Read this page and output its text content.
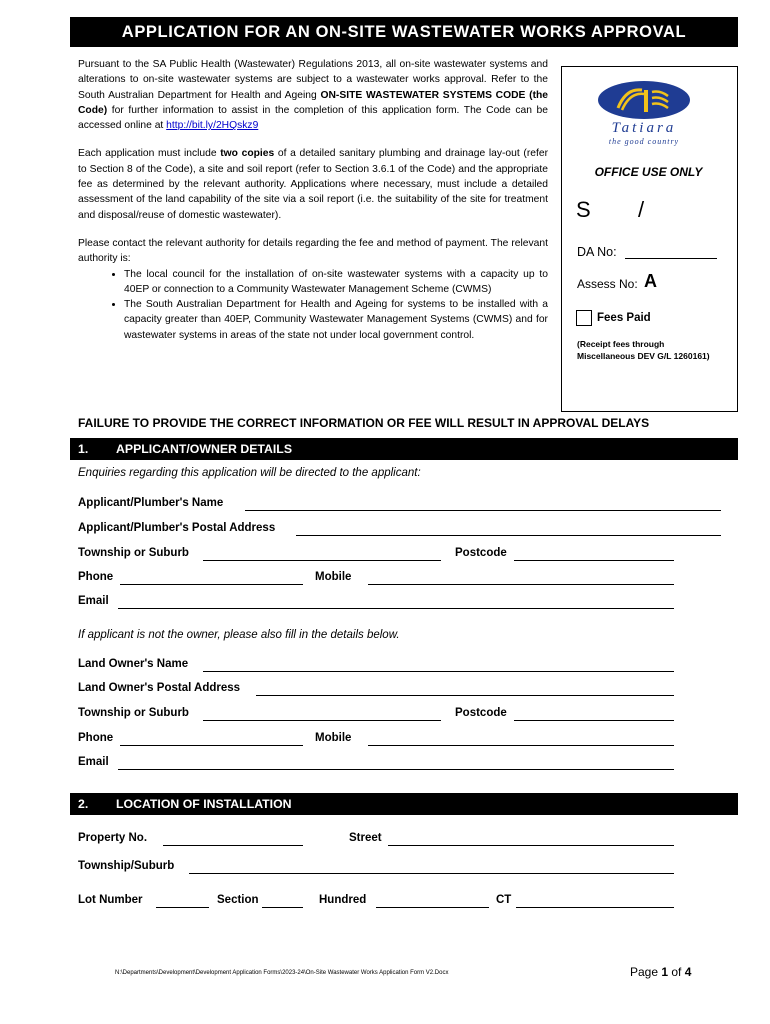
APPLICATION FOR AN ON-SITE WASTEWATER WORKS APPROVAL

Pursuant to the SA Public Health (Wastewater) Regulations 2013, all on-site wastewater systems and alterations to on-site wastewater systems are subject to a wastewater works approval. Refer to the South Australian Department for Health and Ageing ON-SITE WASTEWATER SYSTEMS CODE (the Code) for further information to assist in the completion of this application form. The Code can be accessed online at http://bit.ly/2HQskz9

Each application must include two copies of a detailed sanitary plumbing and drainage lay-out (refer to Section 8 of the Code), a site and soil report (refer to Section 3.6.1 of the Code) and the appropriate fee as determined by the relevant authority. Applications where necessary, must include a detailed assessment of the land capability of the site via a soil report (i.e. the suitability of the site for treatment and disposal/reuse of domestic wastewater).

Please contact the relevant authority for details regarding the fee and method of payment. The relevant authority is:

• The local council for the installation of on-site wastewater systems with a capacity up to 40EP or connection to a Community Wastewater Management Scheme (CWMS)
• The South Australian Department for Health and Ageing for systems to be installed with a capacity greater than 40EP, Community Wastewater Management Systems (CWMS) and for wastewater systems in areas of the state not under local government control.
Tatiara
the good country
OFFICE USE ONLY
S /
DA No:
Assess No: A
Fees Paid
(Receipt fees through
Miscellaneous DEV G/L 1260161)
FAILURE TO PROVIDE THE CORRECT INFORMATION OR FEE WILL RESULT IN APPROVAL DELAYS
1. APPLICANT/OWNER DETAILS
Enquiries regarding this application will be directed to the applicant:
Applicant/Plumber's Name
Applicant/Plumber's Postal Address
Township or Suburb	Postcode
Phone	Mobile
Email
If applicant is not the owner, please also fill in the details below.
Land Owner's Name
Land Owner's Postal Address
Township or Suburb	Postcode
Phone	Mobile
Email
2. LOCATION OF INSTALLATION
Property No.	Street
Township/Suburb
Lot Number	Section	Hundred	CT
N:\Departments\Development\Development Application Forms\2023-24\On-Site Wastewater Works Application Form V2.Docx	Page 1 of 4
